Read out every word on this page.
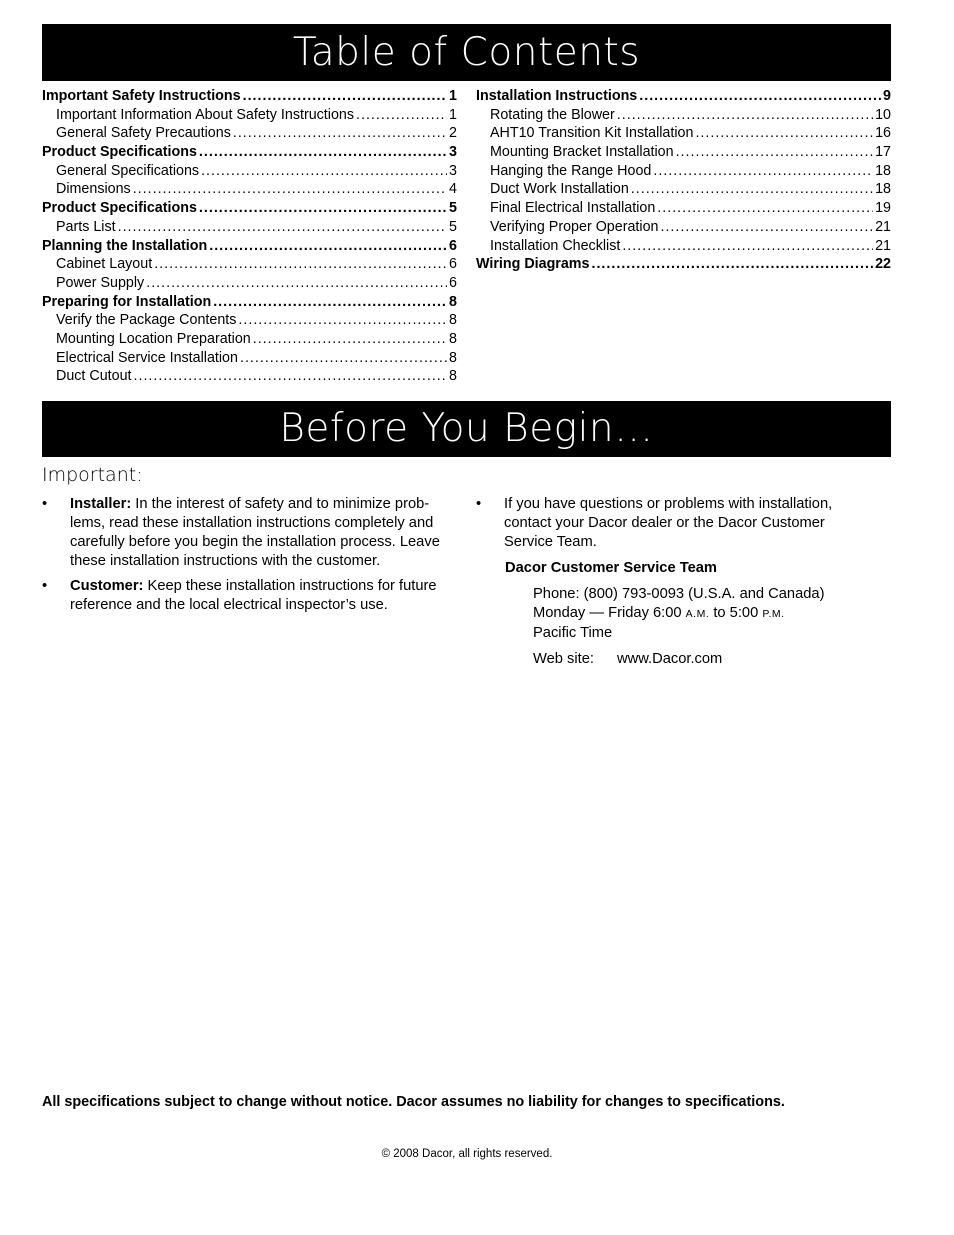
Table of Contents
Important Safety Instructions .....	1
Important Information About Safety Instructions .....	1
General Safety Precautions .....	2
Product Specifications .....	3
General Specifications .....	3
Dimensions .....	4
Product Specifications .....	5
Parts List .....	5
Planning the Installation .....	6
Cabinet Layout .....	6
Power Supply .....	6
Preparing for Installation .....	8
Verify the Package Contents .....	8
Mounting Location Preparation .....	8
Electrical Service Installation .....	8
Duct Cutout .....	8
Installation Instructions .....	9
Rotating the Blower .....	10
AHT10 Transition Kit Installation .....	16
Mounting Bracket Installation .....	17
Hanging the Range Hood .....	18
Duct Work Installation .....	18
Final Electrical Installation .....	19
Verifying Proper Operation .....	21
Installation Checklist .....	21
Wiring Diagrams .....	22
Before You Begin…
Important:
• Installer: In the interest of safety and to minimize prob-lems, read these installation instructions completely and carefully before you begin the installation process. Leave these installation instructions with the customer.
• Customer: Keep these installation instructions for future reference and the local electrical inspector’s use.
• If you have questions or problems with installation, contact your Dacor dealer or the Dacor Customer Service Team.
Dacor Customer Service Team
Phone: (800) 793-0093 (U.S.A. and Canada)
Monday — Friday 6:00 A.M. to 5:00 P.M.
Pacific Time
Web site: www.Dacor.com
All specifications subject to change without notice. Dacor assumes no liability for changes to specifications.
© 2008 Dacor, all rights reserved.
